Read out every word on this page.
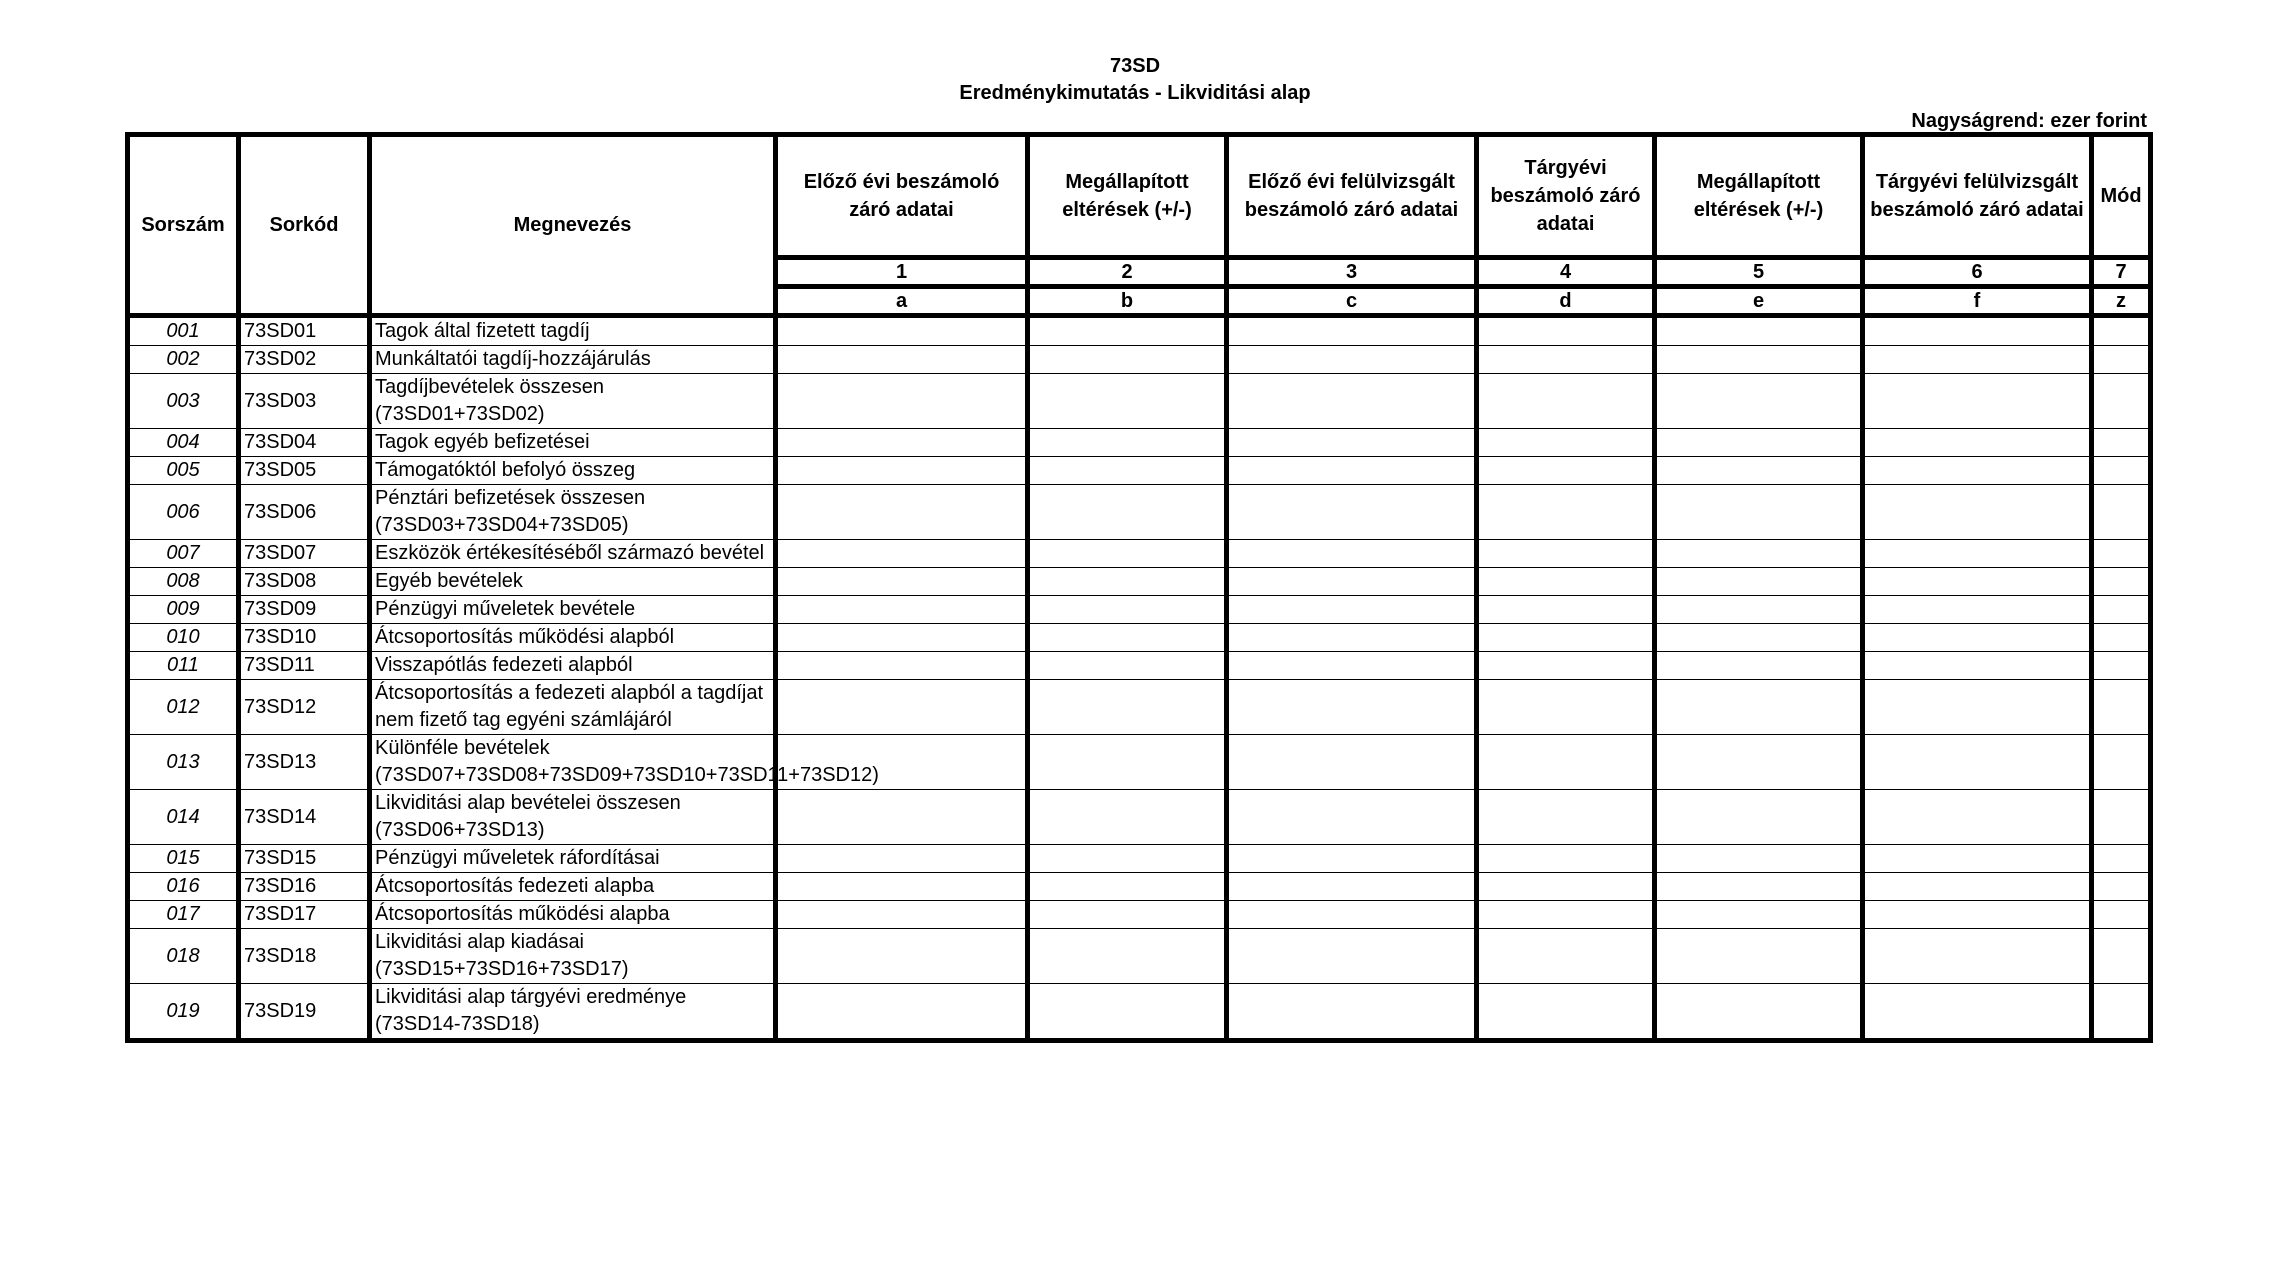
73SD
Eredménykimutatás - Likviditási alap
Nagyságrend: ezer forint
Sorszám	Sorkód	Megnevezés	Előző évi beszámoló záró adatai	Megállapított eltérések (+/-)	Előző évi felülvizsgált beszámoló záró adatai	Tárgyévi beszámoló záró adatai	Megállapított eltérések (+/-)	Tárgyévi felülvizsgált beszámoló záró adatai	Mód
			1	2	3	4	5	6	7
			a	b	c	d	e	f	z
001	73SD01	Tagok által fizetett tagdíj							
002	73SD02	Munkáltatói tagdíj-hozzájárulás							
003	73SD03	Tagdíjbevételek összesen (73SD01+73SD02)							
004	73SD04	Tagok egyéb befizetései							
005	73SD05	Támogatóktól befolyó összeg							
006	73SD06	Pénztári befizetések összesen (73SD03+73SD04+73SD05)							
007	73SD07	Eszközök értékesítéséből származó bevétel							
008	73SD08	Egyéb bevételek							
009	73SD09	Pénzügyi műveletek bevétele							
010	73SD10	Átcsoportosítás működési alapból							
011	73SD11	Visszapótlás fedezeti alapból							
012	73SD12	Átcsoportosítás a fedezeti alapból a tagdíjat nem fizető tag egyéni számlájáról							
013	73SD13	Különféle bevételek (73SD07+73SD08+73SD09+73SD10+73SD11+73SD12)							
014	73SD14	Likviditási alap bevételei összesen (73SD06+73SD13)							
015	73SD15	Pénzügyi műveletek ráfordításai							
016	73SD16	Átcsoportosítás fedezeti alapba							
017	73SD17	Átcsoportosítás működési alapba							
018	73SD18	Likviditási alap kiadásai (73SD15+73SD16+73SD17)							
019	73SD19	Likviditási alap tárgyévi eredménye (73SD14-73SD18)							
